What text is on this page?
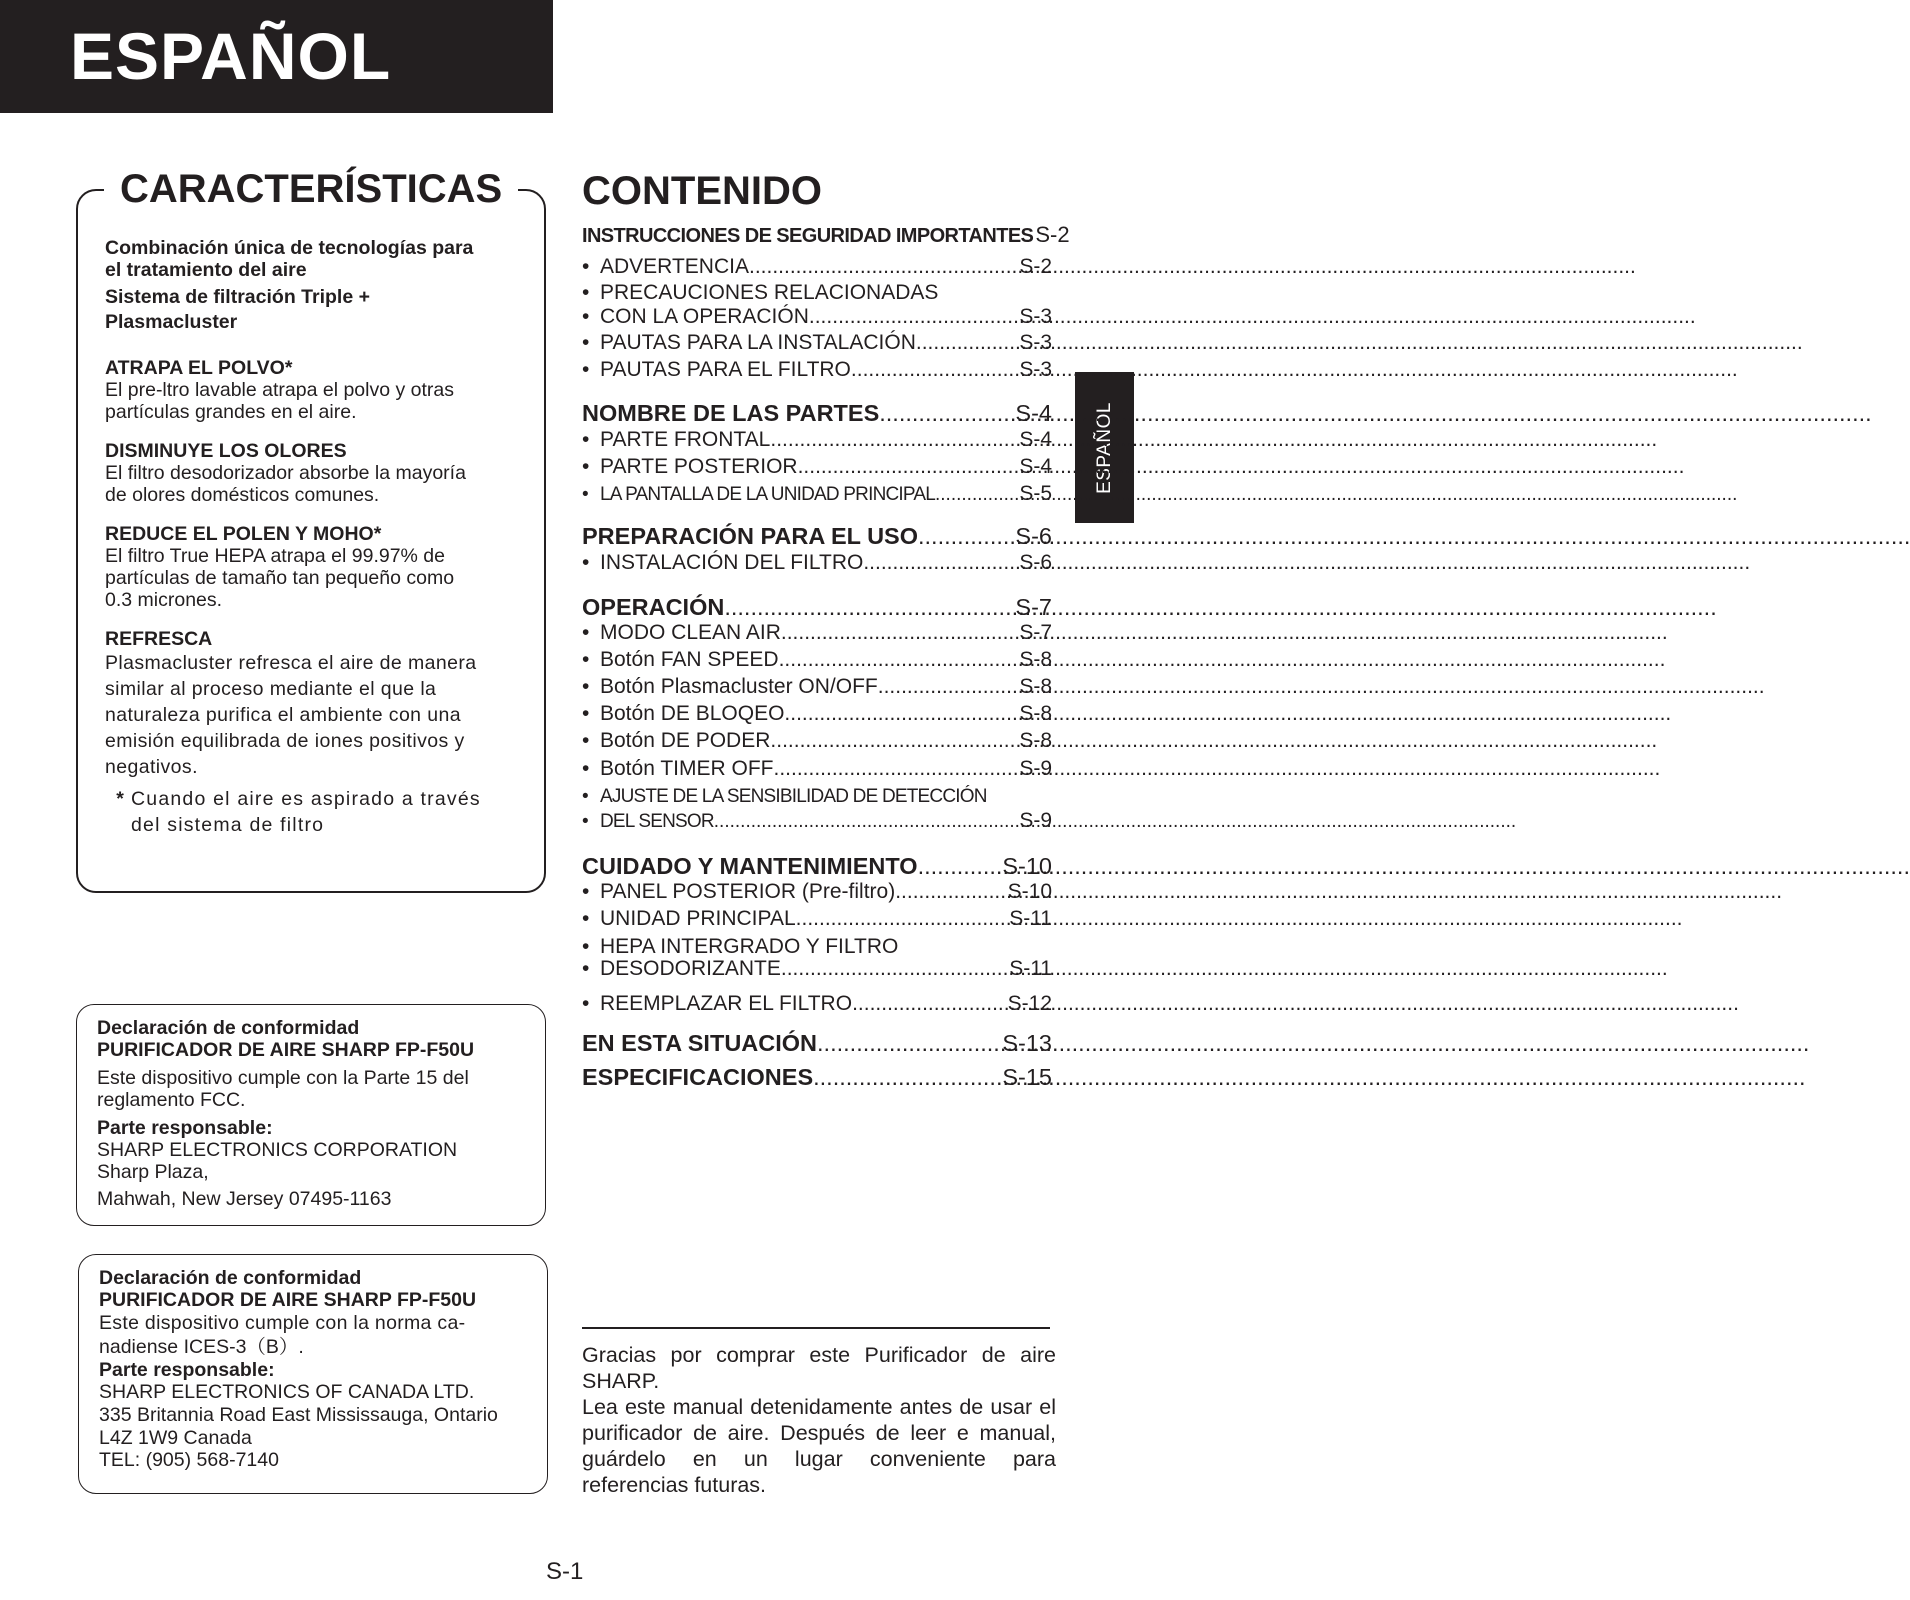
ESPAÑOL
ESPAÑOL
CARACTERÍSTICAS

Combinación única de tecnologías para

el tratamiento del aire

Sistema de filtración Triple +
Plasmacluster
ATRAPA EL POLVO*
El pre-ltro lavable atrapa el polvo y otras
partículas grandes en el aire.
DISMINUYE LOS OLORES
El filtro desodorizador absorbe la mayoría
de olores domésticos comunes.
REDUCE EL POLEN Y MOHO*
El filtro True HEPA atrapa el 99.97% de
partículas de tamaño tan pequeño como
0.3 micrones.
REFRESCA
Plasmacluster refresca el aire de manera
similar al proceso mediante el que la
naturaleza purifica el ambiente con una
emisión equilibrada de iones positivos y
negativos.
* Cuando el aire es aspirado a través
del sistema de filtro
Declaración de conformidad
PURIFICADOR DE AIRE SHARP FP-F50U
Este dispositivo cumple con la Parte 15 del
reglamento FCC.
Parte responsable:
SHARP ELECTRONICS CORPORATION
Sharp Plaza,
Mahwah, New Jersey 07495-1163
Declaración de conformidad
PURIFICADOR DE AIRE SHARP FP-F50U
Este dispositivo cumple con la norma ca-
nadiense ICES-3（B）.
Parte responsable:
SHARP ELECTRONICS OF CANADA LTD.
335 Britannia Road East Mississauga, Ontario
L4Z 1W9 Canada
TEL: (905) 568-7140
CONTENIDO
INSTRUCCIONES DE SEGURIDAD IMPORTANTES S-2
• ADVERTENCIA .....	S-2
• PRECAUCIONES RELACIONADAS
• CON LA OPERACIÓN .....	S-3
• PAUTAS PARA LA INSTALACIÓN .....	S-3
• PAUTAS PARA EL FILTRO .....	S-3
NOMBRE DE LAS PARTES .....	S-4
• PARTE FRONTAL .....	S-4
• PARTE POSTERIOR .....	S-4
• LA PANTALLA DE LA UNIDAD PRINCIPAL .....	S-5
PREPARACIÓN PARA EL USO .....	S-6
• INSTALACIÓN DEL FILTRO .....	S-6
OPERACIÓN .....	S-7
• MODO CLEAN AIR .....	S-7
• Botón FAN SPEED .....	S-8
• Botón Plasmacluster ON/OFF .....	S-8
• Botón DE BLOQEO .....	S-8
• Botón DE PODER .....	S-8
• Botón TIMER OFF .....	S-9
• AJUSTE DE LA SENSIBILIDAD DE DETECCIÓN
• DEL SENSOR .....	S-9
CUIDADO Y MANTENIMIENTO .....	S-10
• PANEL POSTERIOR (Pre-filtro) .....	S-10
• UNIDAD PRINCIPAL .....	S-11
• HEPA INTERGRADO Y FILTRO
• DESODORIZANTE .....	S-11
• REEMPLAZAR EL FILTRO .....	S-12
EN ESTA SITUACIÓN .....	S-13
ESPECIFICACIONES .....	S-15

Gracias por comprar este Purificador de aire SHARP.

Lea este manual detenidamente antes de usar el purificador de aire. Después de leer e manual, guárdelo en un lugar conveniente para referencias futuras.

S-1
